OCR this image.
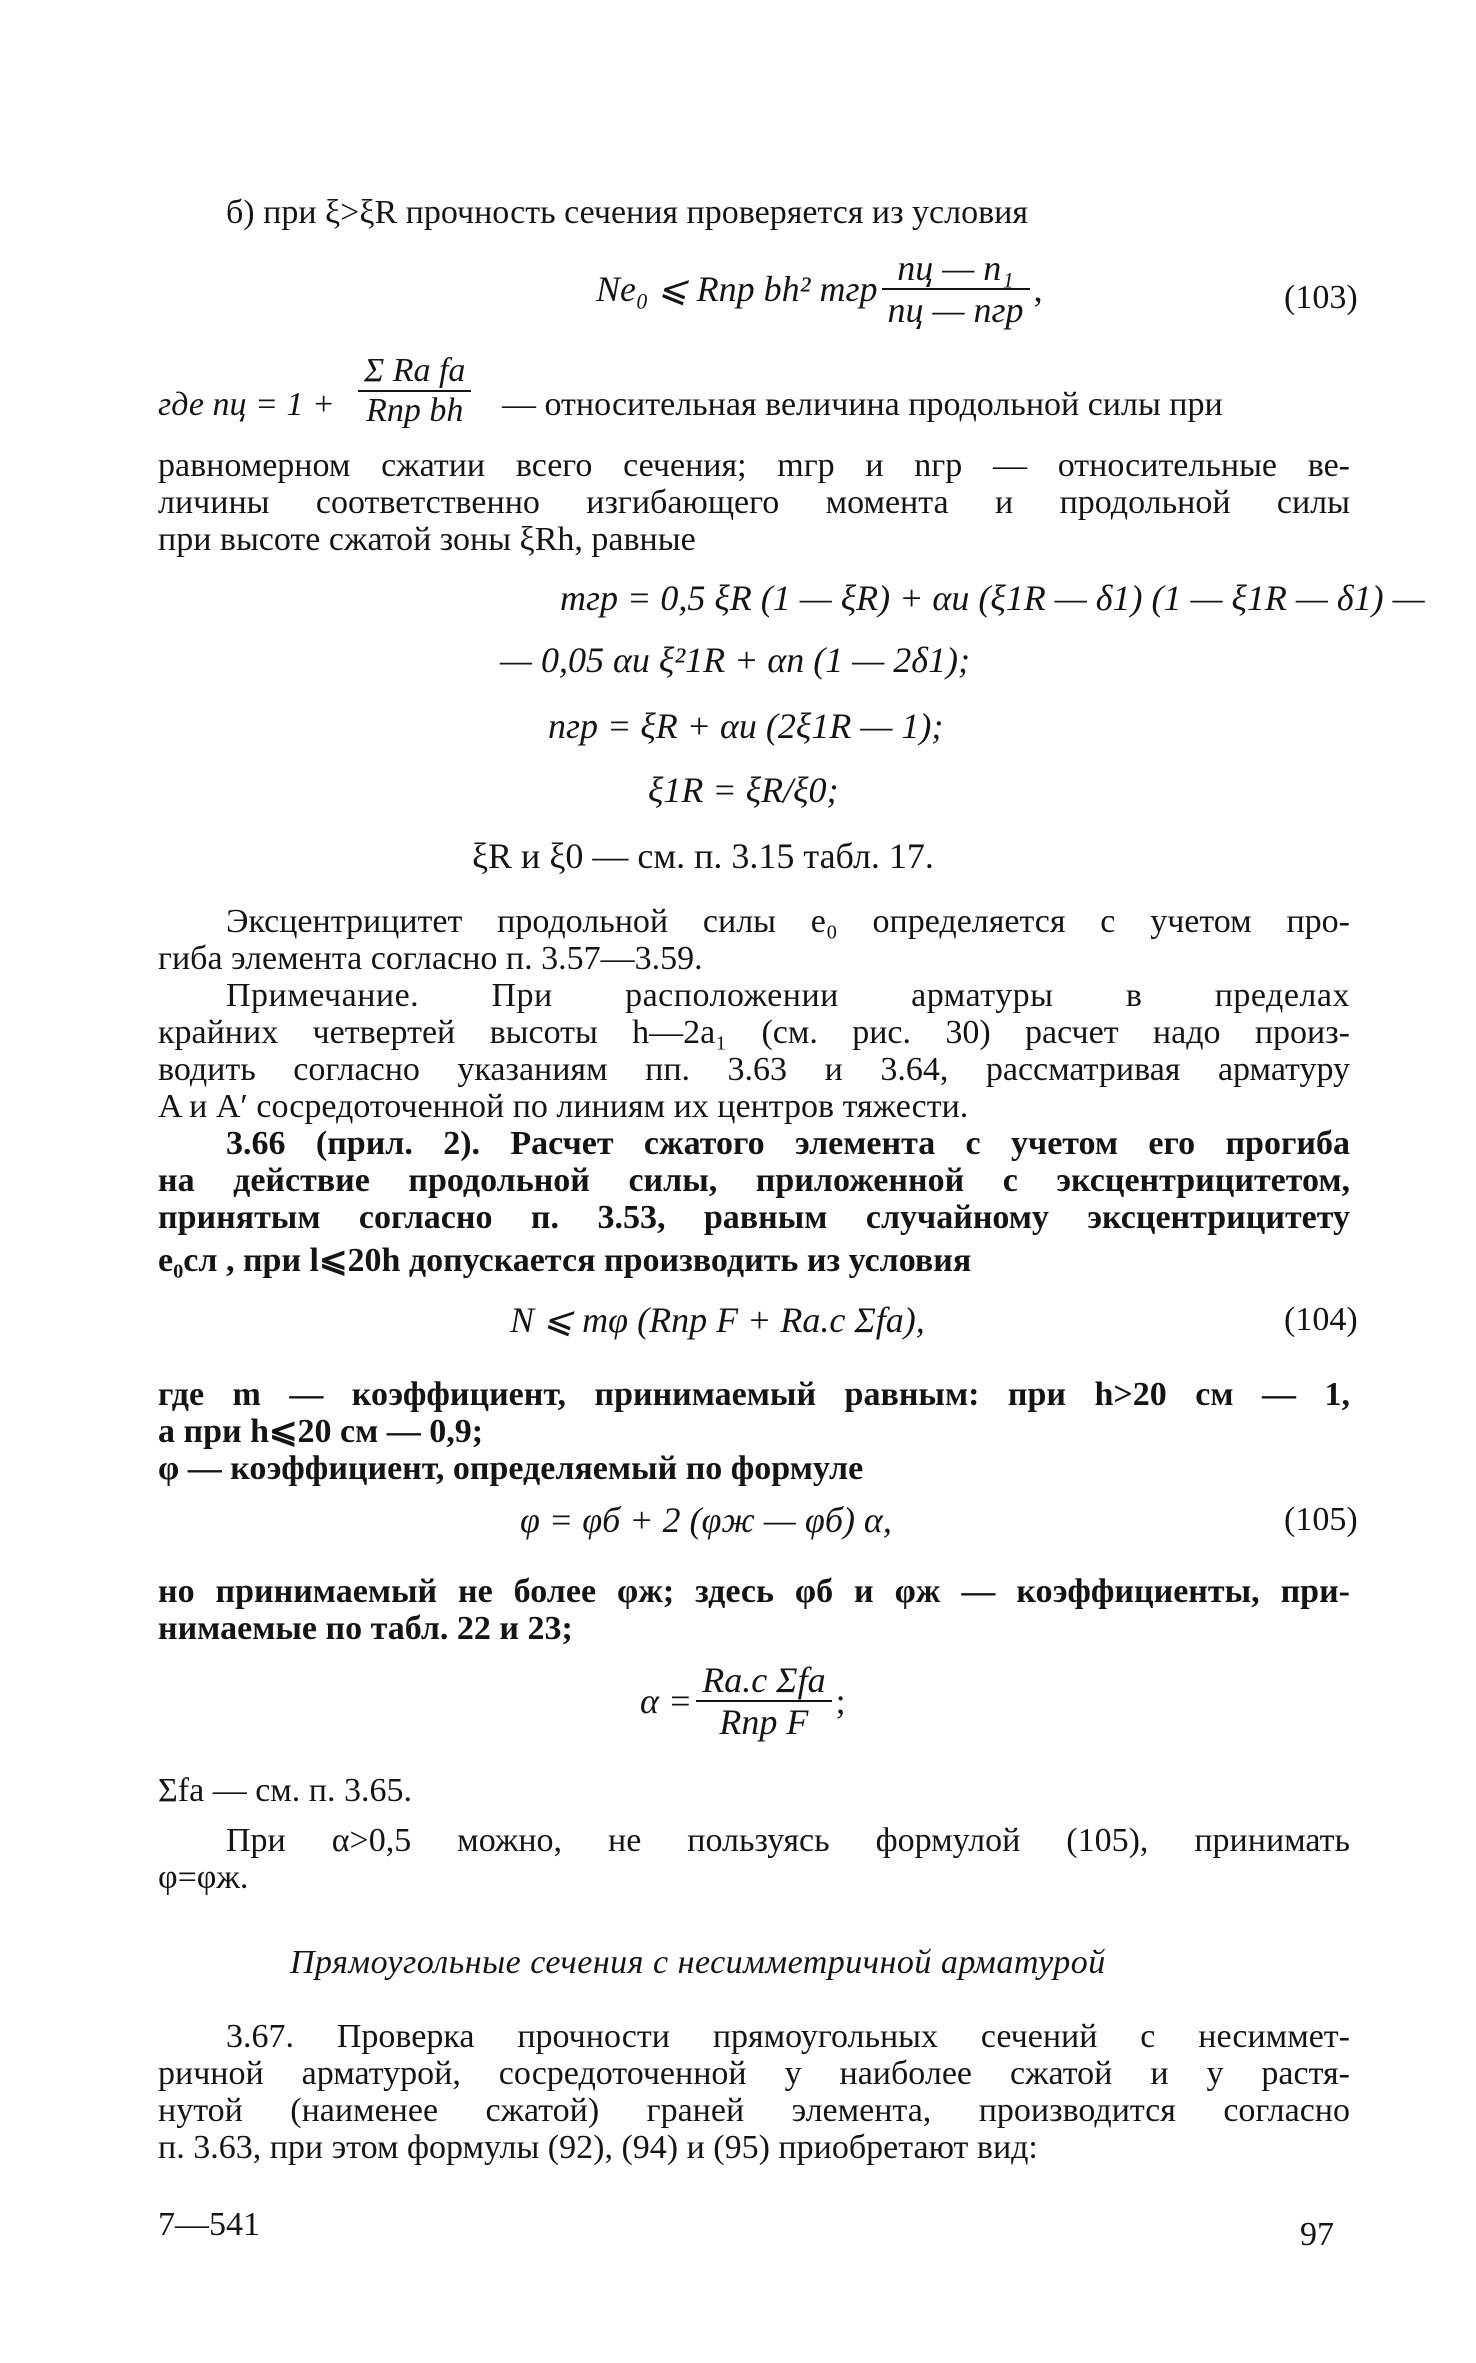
б) при ξ>ξR прочность сечения проверяется из условия
Ne₀ ⩽ Rпр bh² mгр $\frac{\text{nц — n₁}}{\text{nц — nгр}}$ ,	(103)
где nц = 1 +
Σ Rа fа
Rпр bh — относительная величина продольной силы при
равномерном сжатии всего сечения; mгр и nгр — относительные ве-
личины соответственно изгибающего момента и продольной силы
при высоте сжатой зоны ξRh, равные
mгр = 0,5 ξR (1 — ξR) + αи (ξ1R — δ1) (1 — ξ1R — δ1) —
— 0,05 αи ξ²1R + αп (1 — 2δ1);
nгр = ξR + αи (2ξ1R — 1);
ξ1R = ξR/ξ0;
ξR и ξ0 — см. п. 3.15 табл. 17.
Эксцентрицитет продольной силы e₀ определяется с учетом про-
гиба элемента согласно п. 3.57—3.59.
Примечание. При расположении арматуры в пределах
крайних четвертей высоты h—2a₁ (см. рис. 30) расчет надо произ-
водить согласно указаниям пп. 3.63 и 3.64, рассматривая арматуру
A и A′ сосредоточенной по линиям их центров тяжести.
3.66 (прил. 2). Расчет сжатого элемента с учетом его прогиба
на действие продольной силы, приложенной с эксцентрицитетом,
принятым согласно п. 3.53, равным случайному эксцентрицитету
e₀сл , при l⩽20h допускается производить из условия
N ⩽ mφ (Rпр F + Rа.с Σfа),	(104)
где m — коэффициент, принимаемый равным: при h>20 см — 1,
а при h⩽20 см — 0,9;
φ — коэффициент, определяемый по формуле
φ = φб + 2 (φж — φб) α,	(105)
но принимаемый не более φж; здесь φб и φж — коэффициенты, при-
нимаемые по табл. 22 и 23;
$\alpha = \frac{\text{Rа.с Σfа}}{\text{Rпр F}}$ ;
Σfа — см. п. 3.65.
При α>0,5 можно, не пользуясь формулой (105), принимать
φ=φж.
Прямоугольные сечения с несимметричной арматурой
3.67. Проверка прочности прямоугольных сечений с несиммет-
ричной арматурой, сосредоточенной у наиболее сжатой и у растя-
нутой (наименее сжатой) граней элемента, производится согласно
п. 3.63, при этом формулы (92), (94) и (95) приобретают вид:
7—541	97
